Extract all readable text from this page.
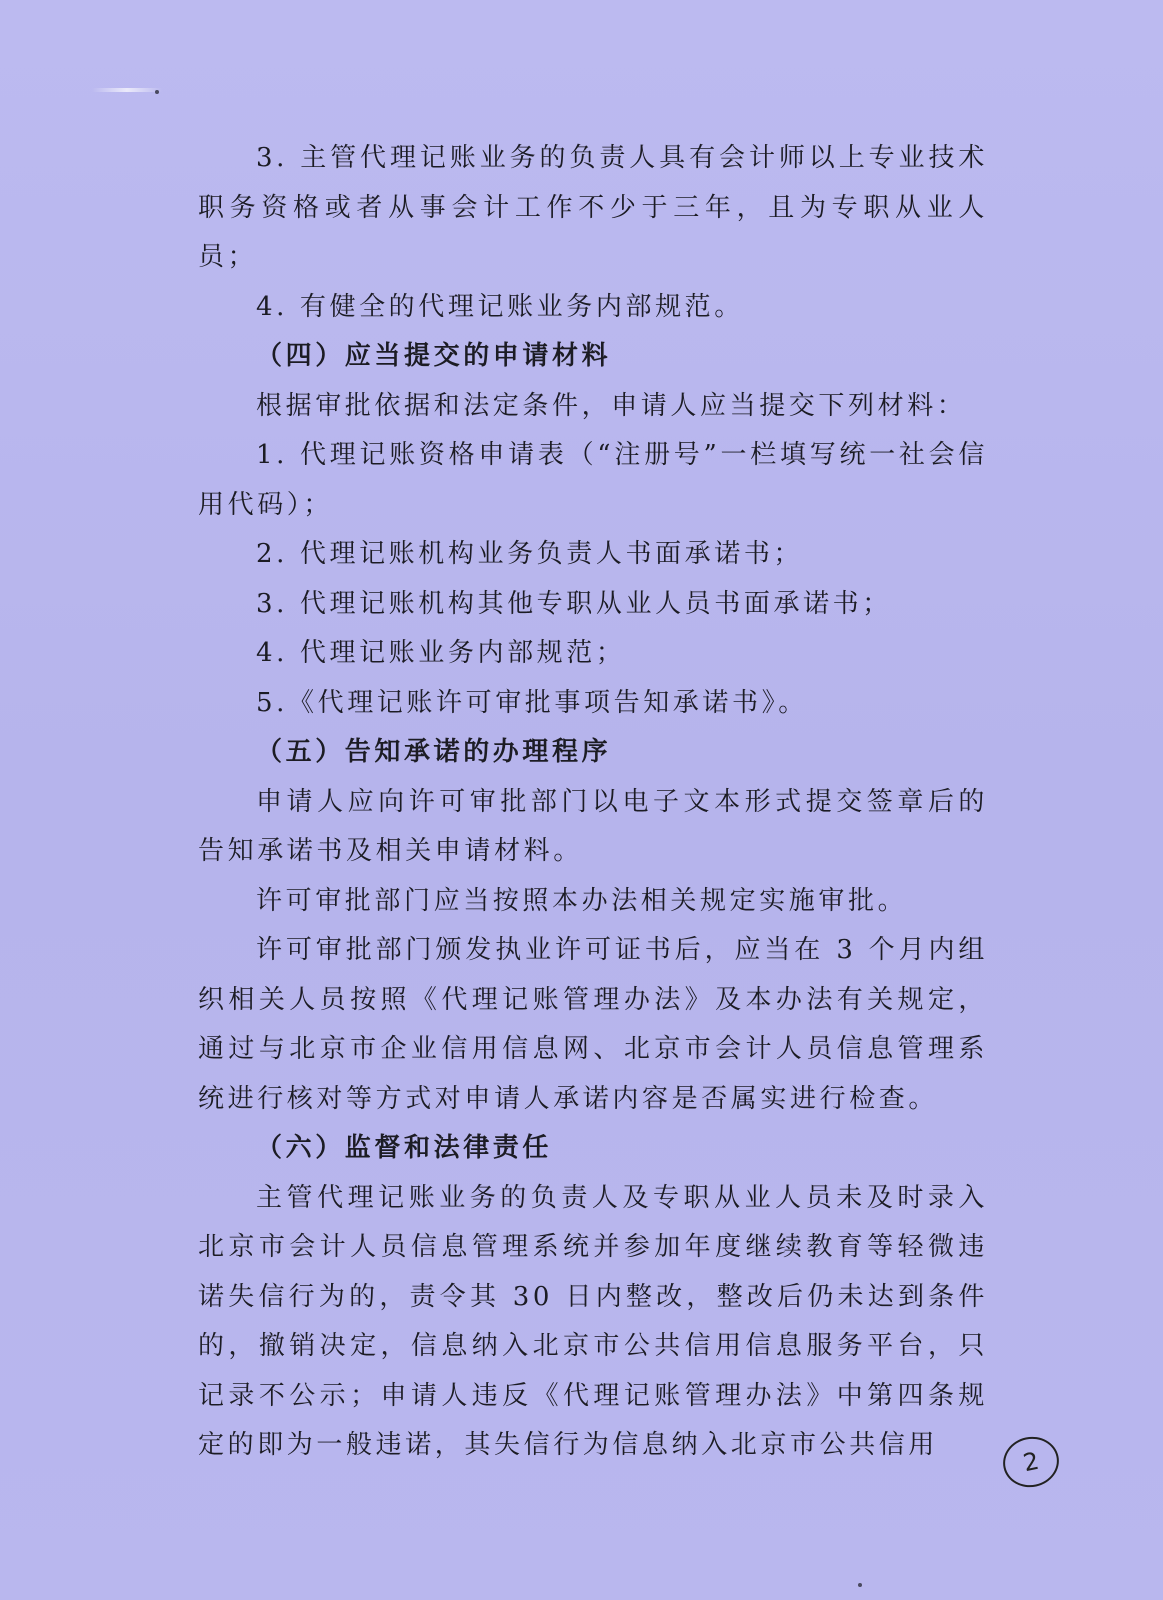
3. 主管代理记账业务的负责人具有会计师以上专业技术职务资格或者从事会计工作不少于三年，且为专职从业人员；

4. 有健全的代理记账业务内部规范。

（四）应当提交的申请材料

根据审批依据和法定条件，申请人应当提交下列材料：

1. 代理记账资格申请表（“注册号”一栏填写统一社会信用代码）；

2. 代理记账机构业务负责人书面承诺书；

3. 代理记账机构其他专职从业人员书面承诺书；

4. 代理记账业务内部规范；

5.《代理记账许可审批事项告知承诺书》。

（五）告知承诺的办理程序

申请人应向许可审批部门以电子文本形式提交签章后的告知承诺书及相关申请材料。

许可审批部门应当按照本办法相关规定实施审批。

许可审批部门颁发执业许可证书后，应当在 3 个月内组织相关人员按照《代理记账管理办法》及本办法有关规定，通过与北京市企业信用信息网、北京市会计人员信息管理系统进行核对等方式对申请人承诺内容是否属实进行检查。

（六）监督和法律责任

主管代理记账业务的负责人及专职从业人员未及时录入北京市会计人员信息管理系统并参加年度继续教育等轻微违诺失信行为的，责令其 30 日内整改，整改后仍未达到条件的，撤销决定，信息纳入北京市公共信用信息服务平台，只记录不公示；申请人违反《代理记账管理办法》中第四条规定的即为一般违诺，其失信行为信息纳入北京市公共信用

2
